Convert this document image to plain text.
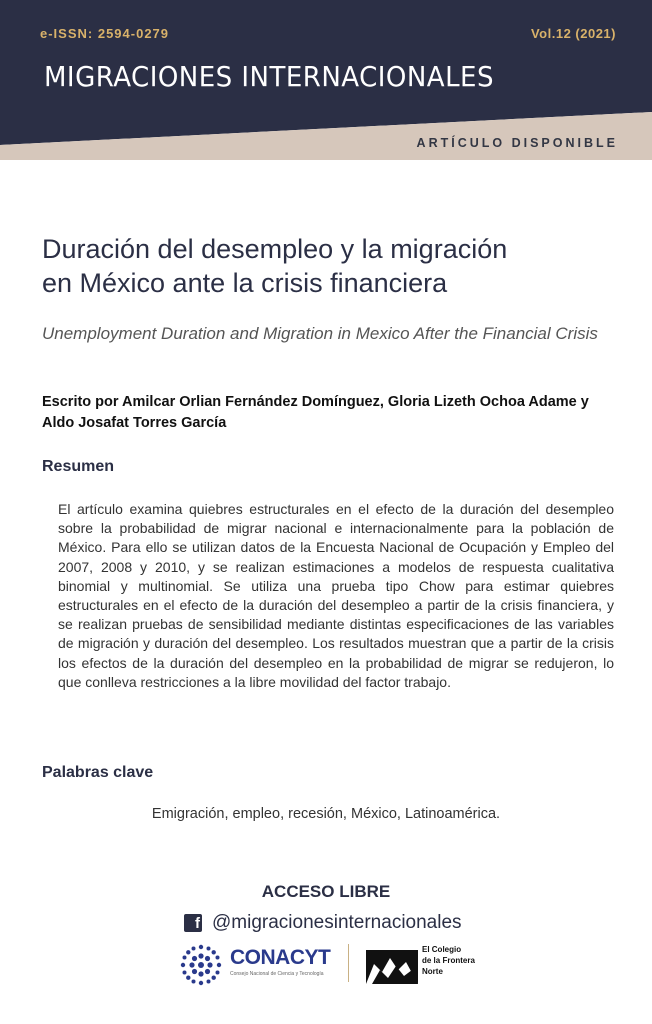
e-ISSN: 2594-0279	Vol.12 (2021)
MIGRACIONES INTERNACIONALES
ARTÍCULO DISPONIBLE
Duración del desempleo y la migración
en México ante la crisis financiera
Unemployment Duration and Migration in Mexico After the Financial Crisis
Escrito por Amilcar Orlian Fernández Domínguez, Gloria Lizeth Ochoa Adame y Aldo Josafat Torres García
Resumen
El artículo examina quiebres estructurales en el efecto de la duración del desempleo sobre la probabilidad de migrar nacional e internacionalmente para la población de México. Para ello se utilizan datos de la Encuesta Nacional de Ocupación y Empleo del 2007, 2008 y 2010, y se realizan estimaciones a modelos de respuesta cualitativa binomial y multinomial. Se utiliza una prueba tipo Chow para estimar quiebres estructurales en el efecto de la duración del desempleo a partir de la crisis financiera, y se realizan pruebas de sensibilidad mediante distintas especificaciones de las variables de migración y duración del desempleo. Los resultados muestran que a partir de la crisis los efectos de la duración del desempleo en la probabilidad de migrar se redujeron, lo que conlleva restricciones a la libre movilidad del factor trabajo.
Palabras clave
Emigración, empleo, recesión, México, Latinoamérica.
ACCESO LIBRE
f @migracionesinternacionales
CONACYT
Consejo Nacional de Ciencia y Tecnología
El Colegio
de la Frontera
Norte
